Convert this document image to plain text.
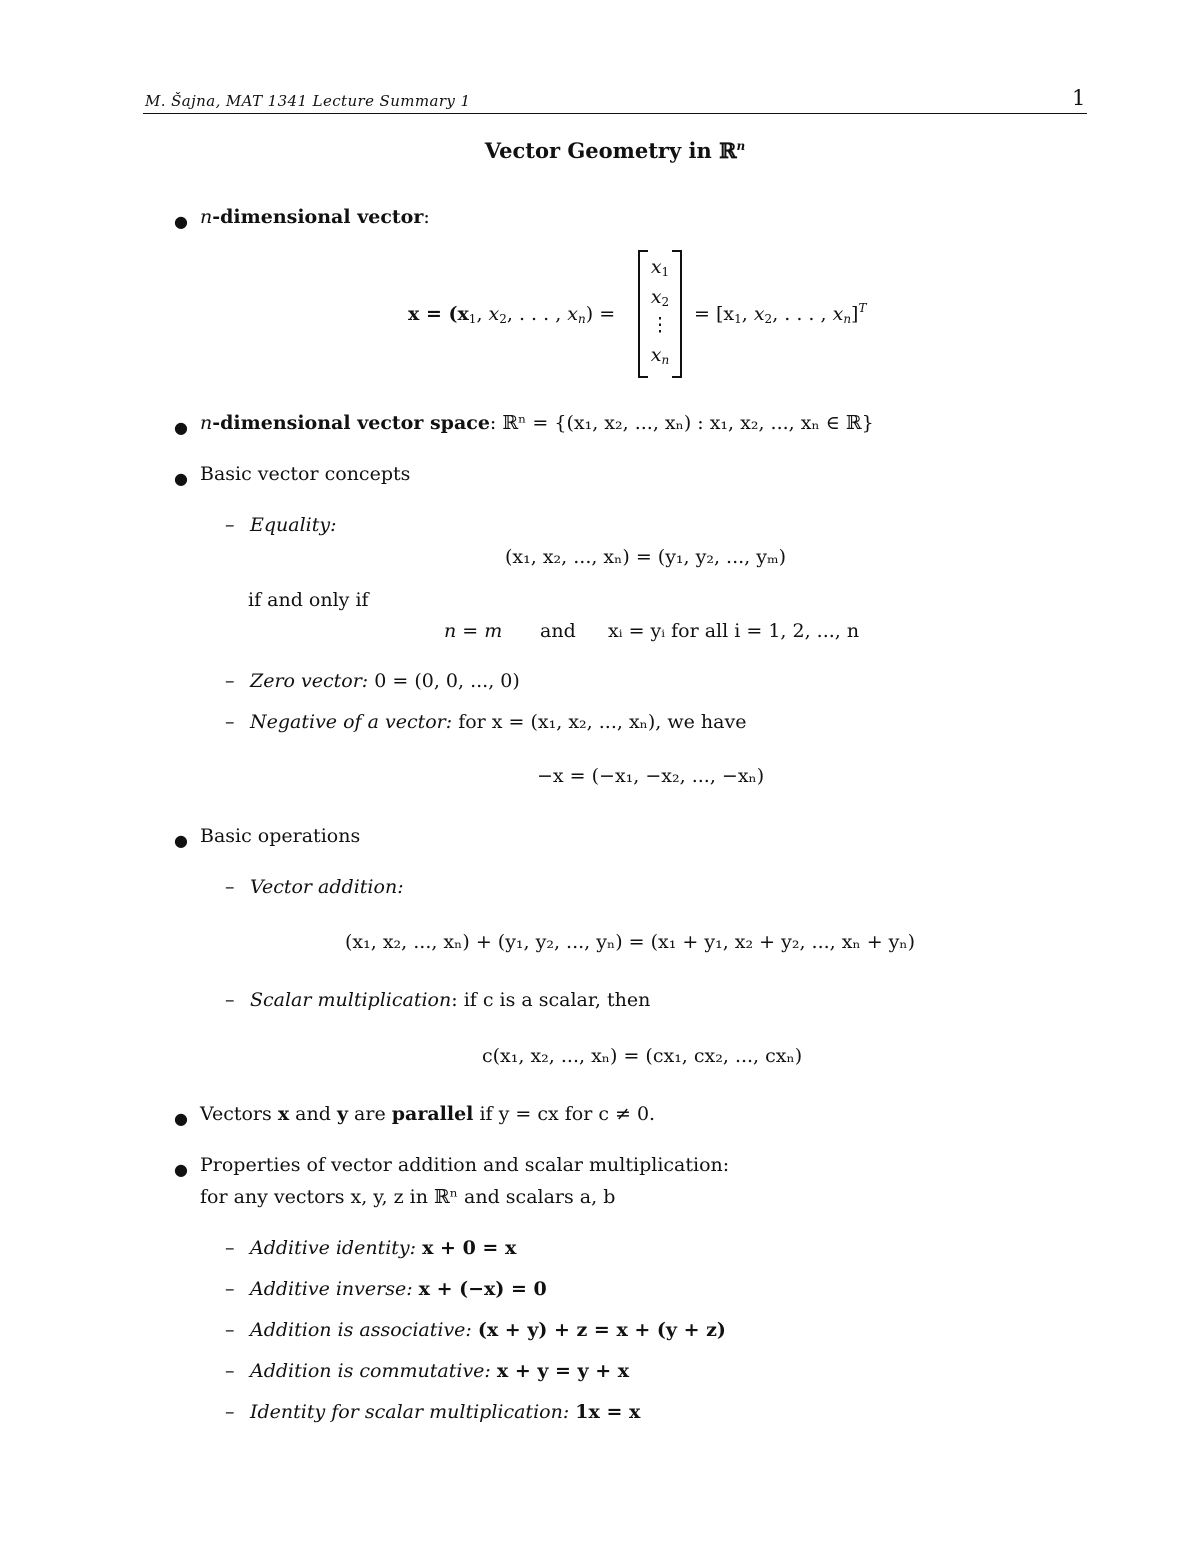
M. Šajna, MAT 1341 Lecture Summary 1	1
Vector Geometry in ℝ$^n$
● n-dimensional vector:
$x = (x_1$, $x_2$, . . . , $x_n$) =
$x_1$
$x_2$
⋮
$x_n$
= [$x_1$, $x_2$, . . . , $x_n]^T$
● n-dimensional vector space: ℝⁿ = {(x₁, x₂, ..., xₙ) : x₁, x₂, ..., xₙ ∈ ℝ}
● Basic vector concepts
– Equality:
(x₁, x₂, ..., xₙ) = (y₁, y₂, ..., yₘ)
if and only if
n = m and xᵢ = yᵢ for all i = 1, 2, ..., n
– Zero vector: 0 = (0, 0, ..., 0)
– Negative of a vector: for x = (x₁, x₂, ..., xₙ), we have
−x = (−x₁, −x₂, ..., −xₙ)
● Basic operations
– Vector addition:
(x₁, x₂, ..., xₙ) + (y₁, y₂, ..., yₙ) = (x₁ + y₁, x₂ + y₂, ..., xₙ + yₙ)
– Scalar multiplication: if c is a scalar, then
c(x₁, x₂, ..., xₙ) = (cx₁, cx₂, ..., cxₙ)
● Vectors x and y are parallel if y = cx for c ≠ 0.
● Properties of vector addition and scalar multiplication:
for any vectors x, y, z in ℝⁿ and scalars a, b
– Additive identity: x + 0 = x
– Additive inverse: x + (−x) = 0
– Addition is associative: (x + y) + z = x + (y + z)
– Addition is commutative: x + y = y + x
– Identity for scalar multiplication: 1x = x
